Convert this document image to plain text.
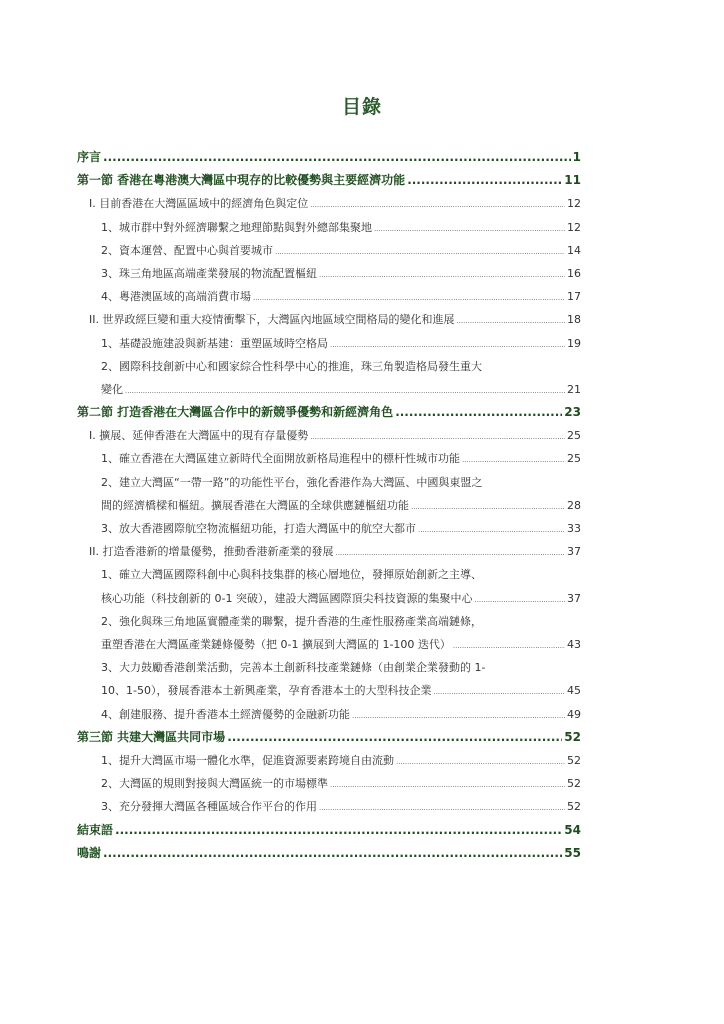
目錄
序言 .....	1
第一節 香港在粵港澳大灣區中現存的比較優勢與主要經濟功能 .....	11
I. 目前香港在大灣區區域中的經濟角色與定位 .....	12
1、城市群中對外經濟聯繫之地理節點與對外總部集聚地 .....	12
2、資本運營、配置中心與首要城市 .....	14
3、珠三角地區高端產業發展的物流配置樞紐 .....	16
4、粵港澳區域的高端消費市場 .....	17
II. 世界政經巨變和重大疫情衝擊下，大灣區內地區域空間格局的變化和進展 .....	18
1、基礎設施建設與新基建：重塑區域時空格局 .....	19
2、國際科技創新中心和國家綜合性科學中心的推進，珠三角製造格局發生重大
變化 .....	21
第二節 打造香港在大灣區合作中的新競爭優勢和新經濟角色 .....	23
I. 擴展、延伸香港在大灣區中的現有存量優勢 .....	25
1、確立香港在大灣區建立新時代全面開放新格局進程中的標杆性城市功能 .....	25
2、建立大灣區“一帶一路”的功能性平台，強化香港作為大灣區、中國與東盟之
間的經濟橋樑和樞紐。擴展香港在大灣區的全球供應鏈樞紐功能 .....	28
3、放大香港國際航空物流樞紐功能，打造大灣區中的航空大都市 .....	33
II. 打造香港新的增量優勢，推動香港新產業的發展 .....	37
1、確立大灣區國際科創中心與科技集群的核心層地位，發揮原始創新之主導、
核心功能（科技創新的 0-1 突破），建設大灣區國際頂尖科技資源的集聚中心 .....	37
2、強化與珠三角地區實體產業的聯繫，提升香港的生產性服務產業高端鏈條，
重塑香港在大灣區產業鏈條優勢（把 0-1 擴展到大灣區的 1-100 迭代） .....	43
3、大力鼓勵香港創業活動，完善本土創新科技產業鏈條（由創業企業發動的 1-
10、1-50），發展香港本土新興產業，孕育香港本土的大型科技企業 .....	45
4、創建服務、提升香港本土經濟優勢的金融新功能 .....	49
第三節 共建大灣區共同市場 .....	52
1、提升大灣區市場一體化水準，促進資源要素跨境自由流動 .....	52
2、大灣區的規則對接與大灣區統一的市場標準 .....	52
3、充分發揮大灣區各種區域合作平台的作用 .....	52
結束語 .....	54
鳴謝 .....	55
